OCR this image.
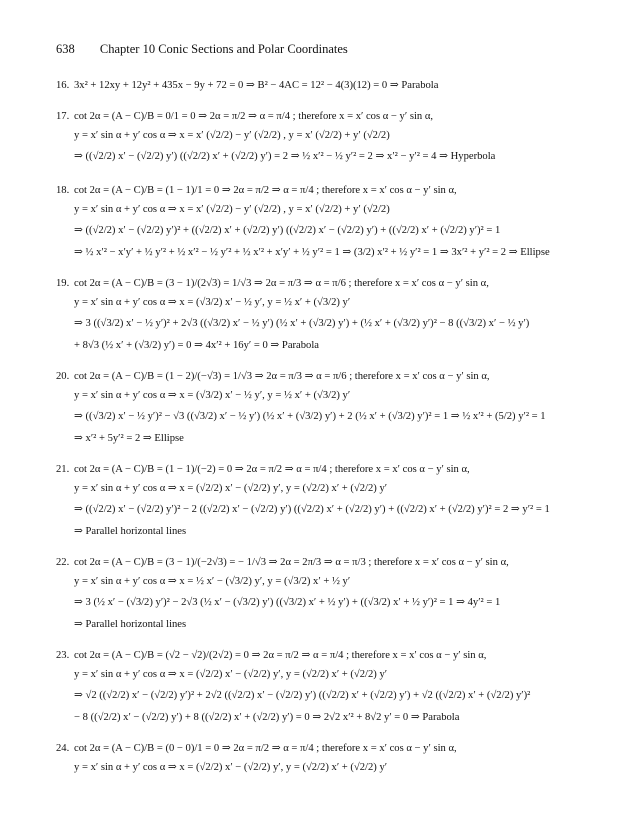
638 Chapter 10 Conic Sections and Polar Coordinates
16. 3x² + 12xy + 12y² + 435x − 9y + 72 = 0 ⇒ B² − 4AC = 12² − 4(3)(12) = 0 ⇒ Parabola
17. cot 2α = (A − C)/B = 0/1 = 0 ⇒ 2α = π/2 ⇒ α = π/4 ; therefore x = x′ cos α − y′ sin α,
y = x′ sin α + y′ cos α ⇒ x = x′ (√2/2) − y′ (√2/2) , y = x′ (√2/2) + y′ (√2/2)
⇒ ((√2/2) x′ − (√2/2) y′) ((√2/2) x′ + (√2/2) y′) = 2 ⇒ ½ x′² − ½ y′² = 2 ⇒ x′² − y′² = 4 ⇒ Hyperbola
18. cot 2α = (A − C)/B = (1 − 1)/1 = 0 ⇒ 2α = π/2 ⇒ α = π/4 ; therefore x = x′ cos α − y′ sin α,
y = x′ sin α + y′ cos α ⇒ x = x′ (√2/2) − y′ (√2/2) , y = x′ (√2/2) + y′ (√2/2)
⇒ ((√2/2) x′ − (√2/2) y′)² + ((√2/2) x′ + (√2/2) y′) ((√2/2) x′ − (√2/2) y′) + ((√2/2) x′ + (√2/2) y′)² = 1
⇒ ½ x′² − x′y′ + ½ y′² + ½ x′² − ½ y′² + ½ x′² + x′y′ + ½ y′² = 1 ⇒ (3/2) x′² + ½ y′² = 1 ⇒ 3x′² + y′² = 2 ⇒ Ellipse
19. cot 2α = (A − C)/B = (3 − 1)/(2√3) = 1/√3 ⇒ 2α = π/3 ⇒ α = π/6 ; therefore x = x′ cos α − y′ sin α,
y = x′ sin α + y′ cos α ⇒ x = (√3/2) x′ − ½ y′, y = ½ x′ + (√3/2) y′
⇒ 3 ((√3/2) x′ − ½ y′)² + 2√3 ((√3/2) x′ − ½ y′) (½ x′ + (√3/2) y′) + (½ x′ + (√3/2) y′)² − 8 ((√3/2) x′ − ½ y′)
+ 8√3 (½ x′ + (√3/2) y′) = 0 ⇒ 4x′² + 16y′ = 0 ⇒ Parabola
20. cot 2α = (A − C)/B = (1 − 2)/(−√3) = 1/√3 ⇒ 2α = π/3 ⇒ α = π/6 ; therefore x = x′ cos α − y′ sin α,
y = x′ sin α + y′ cos α ⇒ x = (√3/2) x′ − ½ y′, y = ½ x′ + (√3/2) y′
⇒ ((√3/2) x′ − ½ y′)² − √3 ((√3/2) x′ − ½ y′) (½ x′ + (√3/2) y′) + 2 (½ x′ + (√3/2) y′)² = 1 ⇒ ½ x′² + (5/2) y′² = 1
⇒ x′² + 5y′² = 2 ⇒ Ellipse
21. cot 2α = (A − C)/B = (1 − 1)/(−2) = 0 ⇒ 2α = π/2 ⇒ α = π/4 ; therefore x = x′ cos α − y′ sin α,
y = x′ sin α + y′ cos α ⇒ x = (√2/2) x′ − (√2/2) y′, y = (√2/2) x′ + (√2/2) y′
⇒ ((√2/2) x′ − (√2/2) y′)² − 2 ((√2/2) x′ − (√2/2) y′) ((√2/2) x′ + (√2/2) y′) + ((√2/2) x′ + (√2/2) y′)² = 2 ⇒ y′² = 1
⇒ Parallel horizontal lines
22. cot 2α = (A − C)/B = (3 − 1)/(−2√3) = − 1/√3 ⇒ 2α = 2π/3 ⇒ α = π/3 ; therefore x = x′ cos α − y′ sin α,
y = x′ sin α + y′ cos α ⇒ x = ½ x′ − (√3/2) y′, y = (√3/2) x′ + ½ y′
⇒ 3 (½ x′ − (√3/2) y′)² − 2√3 (½ x′ − (√3/2) y′) ((√3/2) x′ + ½ y′) + ((√3/2) x′ + ½ y′)² = 1 ⇒ 4y′² = 1
⇒ Parallel horizontal lines
23. cot 2α = (A − C)/B = (√2 − √2)/(2√2) = 0 ⇒ 2α = π/2 ⇒ α = π/4 ; therefore x = x′ cos α − y′ sin α,
y = x′ sin α + y′ cos α ⇒ x = (√2/2) x′ − (√2/2) y′, y = (√2/2) x′ + (√2/2) y′
⇒ √2 ((√2/2) x′ − (√2/2) y′)² + 2√2 ((√2/2) x′ − (√2/2) y′) ((√2/2) x′ + (√2/2) y′) + √2 ((√2/2) x′ + (√2/2) y′)²
− 8 ((√2/2) x′ − (√2/2) y′) + 8 ((√2/2) x′ + (√2/2) y′) = 0 ⇒ 2√2 x′² + 8√2 y′ = 0 ⇒ Parabola
24. cot 2α = (A − C)/B = (0 − 0)/1 = 0 ⇒ 2α = π/2 ⇒ α = π/4 ; therefore x = x′ cos α − y′ sin α,
y = x′ sin α + y′ cos α ⇒ x = (√2/2) x′ − (√2/2) y′, y = (√2/2) x′ + (√2/2) y′
